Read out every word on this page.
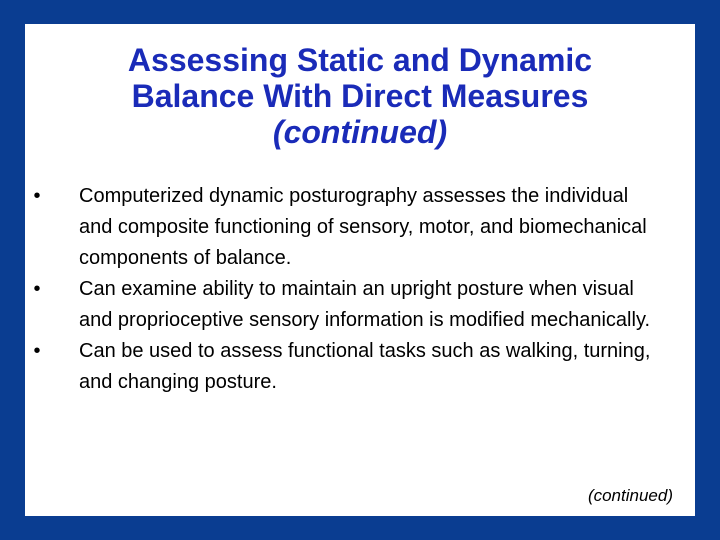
Assessing Static and Dynamic
Balance With Direct Measures
(continued)
•	Computerized dynamic posturography assesses the individual and composite functioning of sensory, motor, and biomechanical components of balance.
•	Can examine ability to maintain an upright posture when visual and proprioceptive sensory information is modified mechanically.
•	Can be used to assess functional tasks such as walking, turning, and changing posture.
(continued)
